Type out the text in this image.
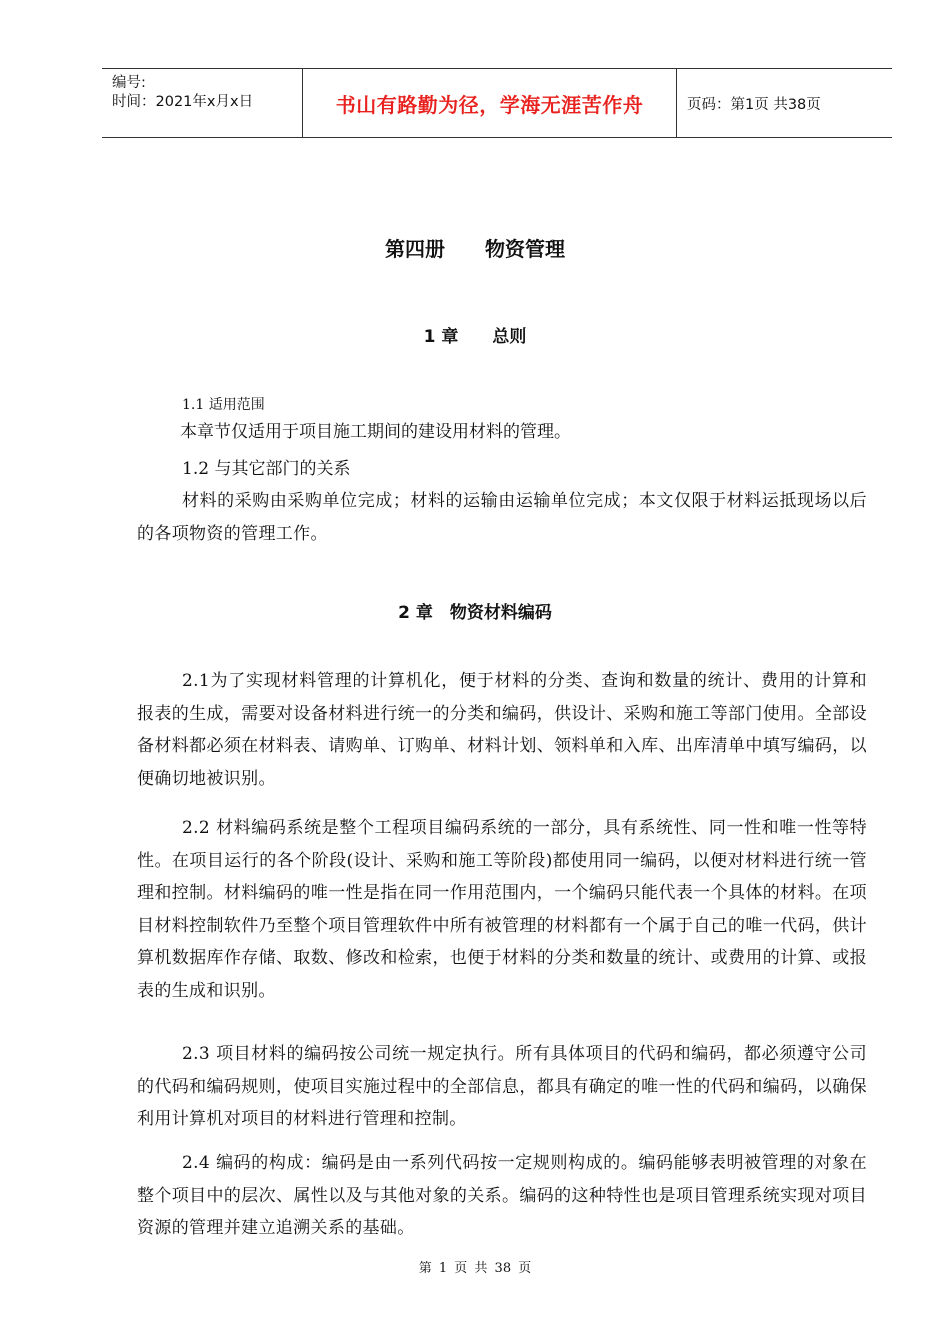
编号:
时间：2021年x月x日	书山有路勤为径，学海无涯苦作舟	页码：第1页 共38页
第四册　　物资管理
1 章　　总则
1.1 适用范围
本章节仅适用于项目施工期间的建设用材料的管理。
1.2 与其它部门的关系
材料的采购由采购单位完成；材料的运输由运输单位完成；本文仅限于材料运抵现场以后的各项物资的管理工作。
2 章　物资材料编码
2.1为了实现材料管理的计算机化，便于材料的分类、查询和数量的统计、费用的计算和报表的生成，需要对设备材料进行统一的分类和编码，供设计、采购和施工等部门使用。全部设备材料都必须在材料表、请购单、订购单、材料计划、领料单和入库、出库清单中填写编码，以便确切地被识别。
2.2 材料编码系统是整个工程项目编码系统的一部分，具有系统性、同一性和唯一性等特性。在项目运行的各个阶段(设计、采购和施工等阶段)都使用同一编码，以便对材料进行统一管理和控制。材料编码的唯一性是指在同一作用范围内，一个编码只能代表一个具体的材料。在项目材料控制软件乃至整个项目管理软件中所有被管理的材料都有一个属于自己的唯一代码，供计算机数据库作存储、取数、修改和检索，也便于材料的分类和数量的统计、或费用的计算、或报表的生成和识别。
2.3 项目材料的编码按公司统一规定执行。所有具体项目的代码和编码，都必须遵守公司的代码和编码规则，使项目实施过程中的全部信息，都具有确定的唯一性的代码和编码，以确保利用计算机对项目的材料进行管理和控制。
2.4 编码的构成：编码是由一系列代码按一定规则构成的。编码能够表明被管理的对象在整个项目中的层次、属性以及与其他对象的关系。编码的这种特性也是项目管理系统实现对项目资源的管理并建立追溯关系的基础。
第 1 页 共 38 页
